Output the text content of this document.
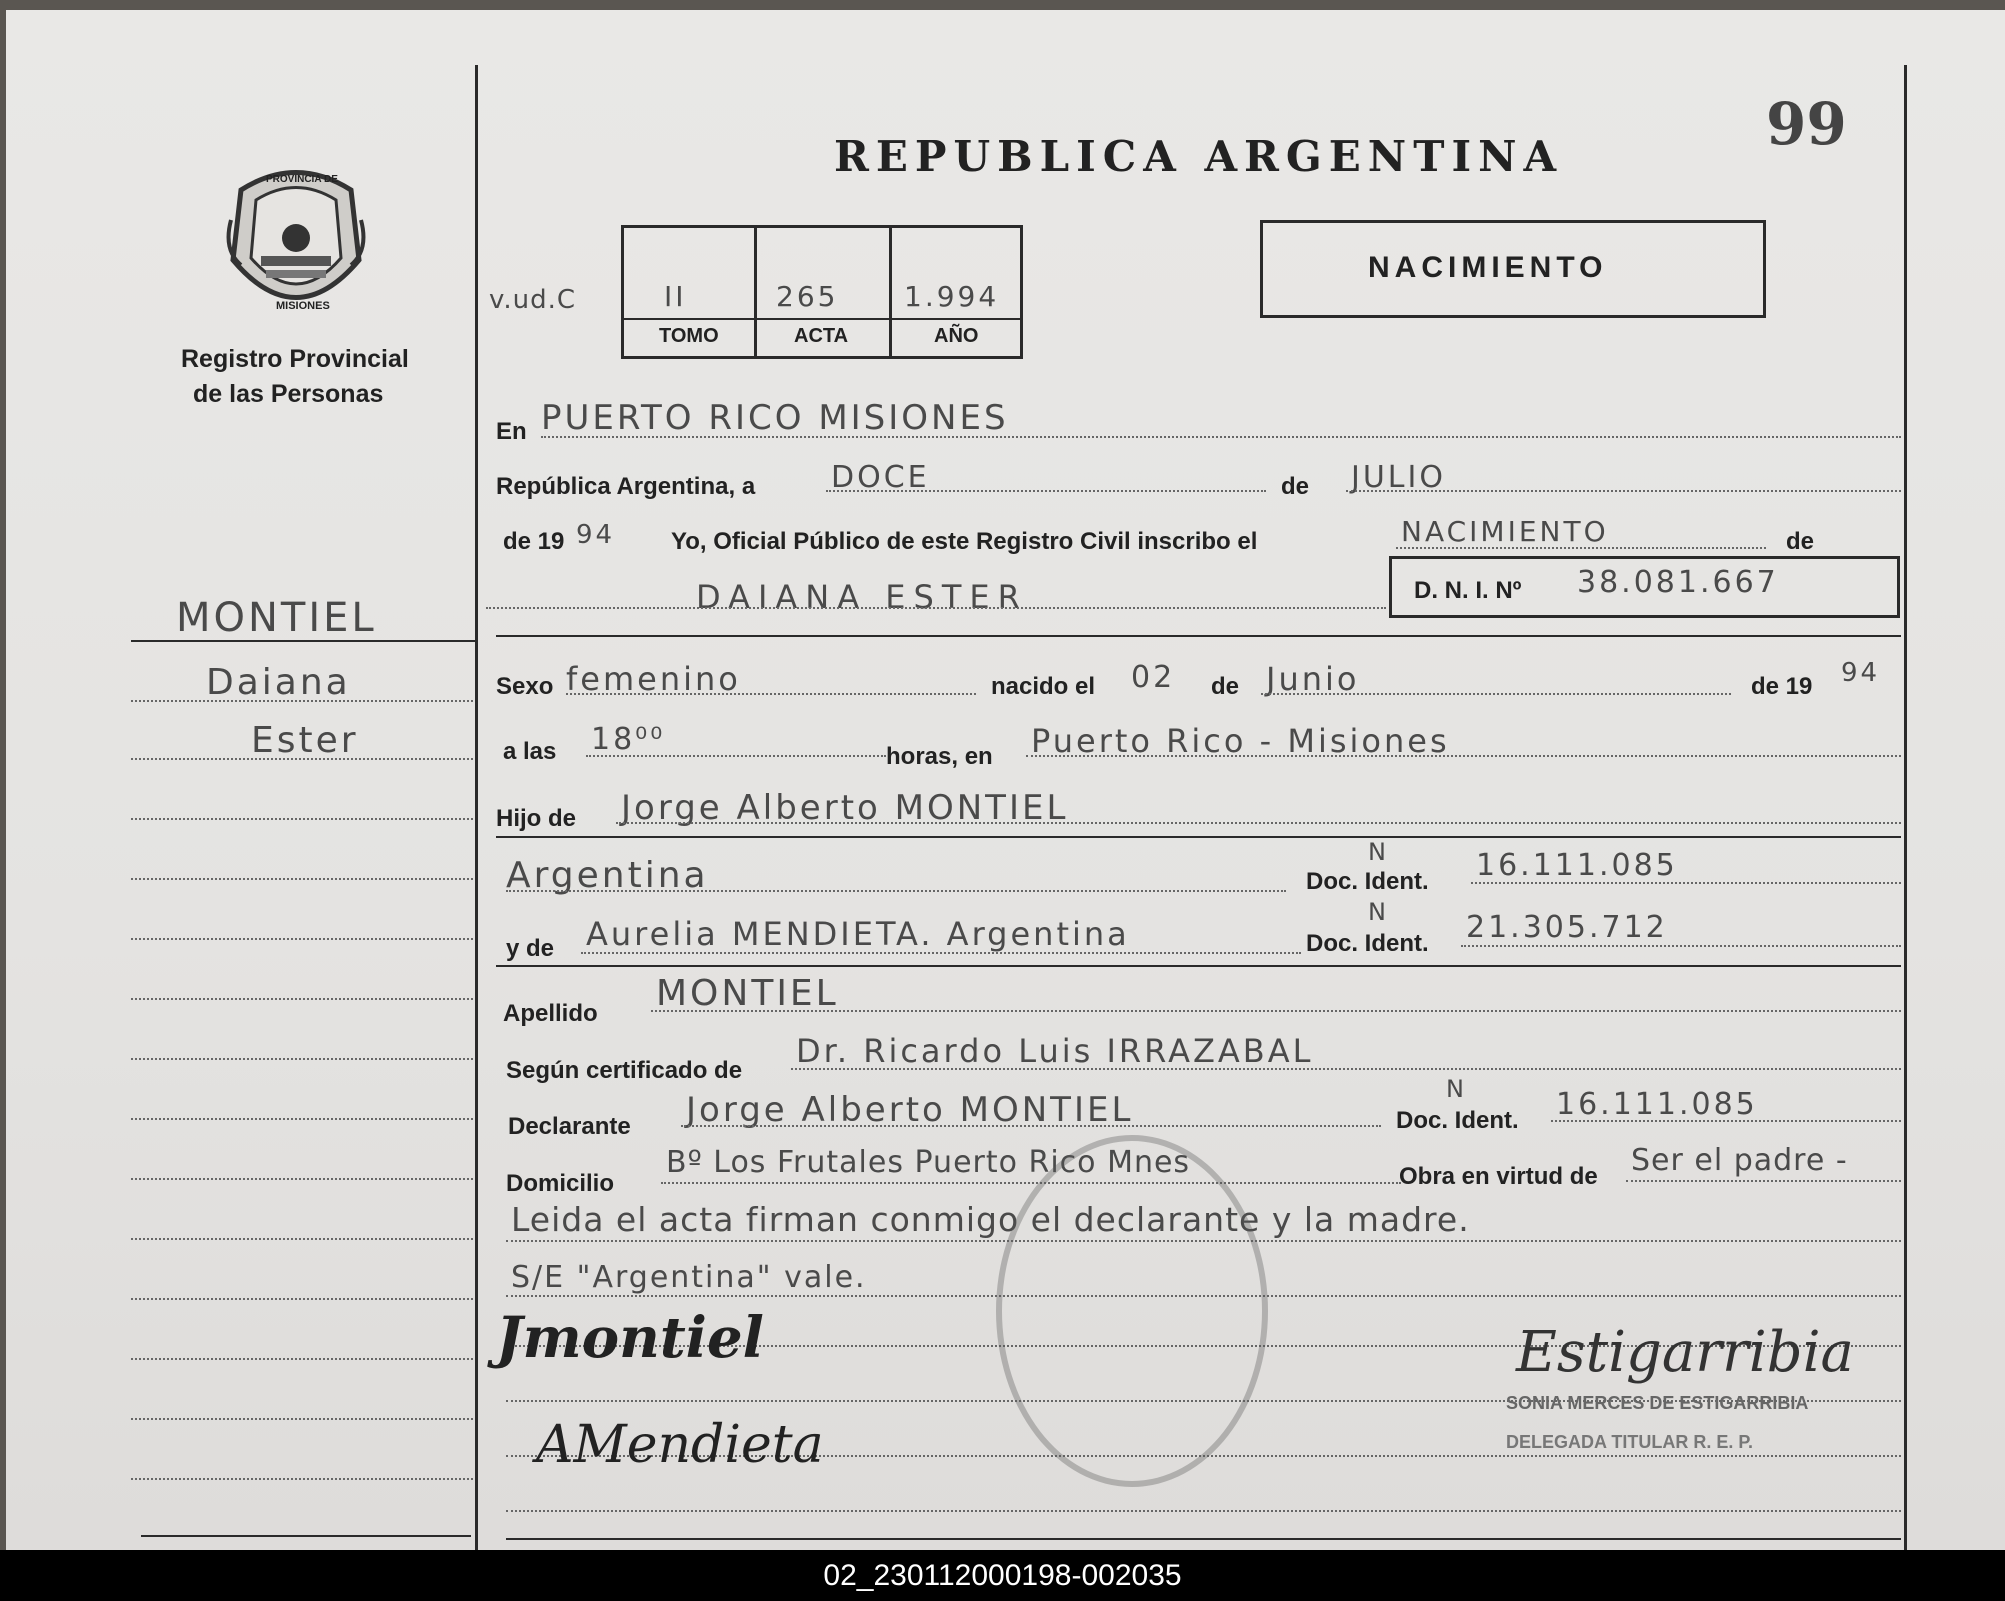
99
PROVINCIA DE
MISIONES
Registro Provincial
de las Personas
REPUBLICA ARGENTINA
v.ud.C	II	265 1.994
TOMO	ACTA	AÑO
NACIMIENTO
MONTIEL
Daiana
Ester
En PUERTO RICO MISIONES
República Argentina, a	DOCE	de JULIO
de 19 94 Yo, Oficial Público de este Registro Civil inscribo el	NACIMIENTO	de
DAIANA ESTER	D. N. I. Nº 38.081.667
Sexo femenino	nacido el 02 de Junio	de 19 94
a las 18⁰⁰	horas, en Puerto Rico - Misiones
Hijo de Jorge Alberto MONTIEL
Argentina	Doc. Ident.
N	16.111.085
y de Aurelia MENDIETA. Argentina	Doc. Ident.
N	21.305.712
Apellido MONTIEL
Según certificado de
Dr. Ricardo Luis IRRAZABAL
Declarante Jorge Alberto MONTIEL	Doc. Ident.
N	16.111.085
Domicilio
Bº Los Frutales Puerto Rico Mnes	Obra en virtud de Ser el padre -
Leida el acta firman conmigo el declarante y la madre.
S/E "Argentina" vale.
Jmontiel
AMendieta
Estigarribia
SONIA MERCES DE ESTIGARRIBIA
DELEGADA TITULAR R. E. P.
02_230112000198-002035
